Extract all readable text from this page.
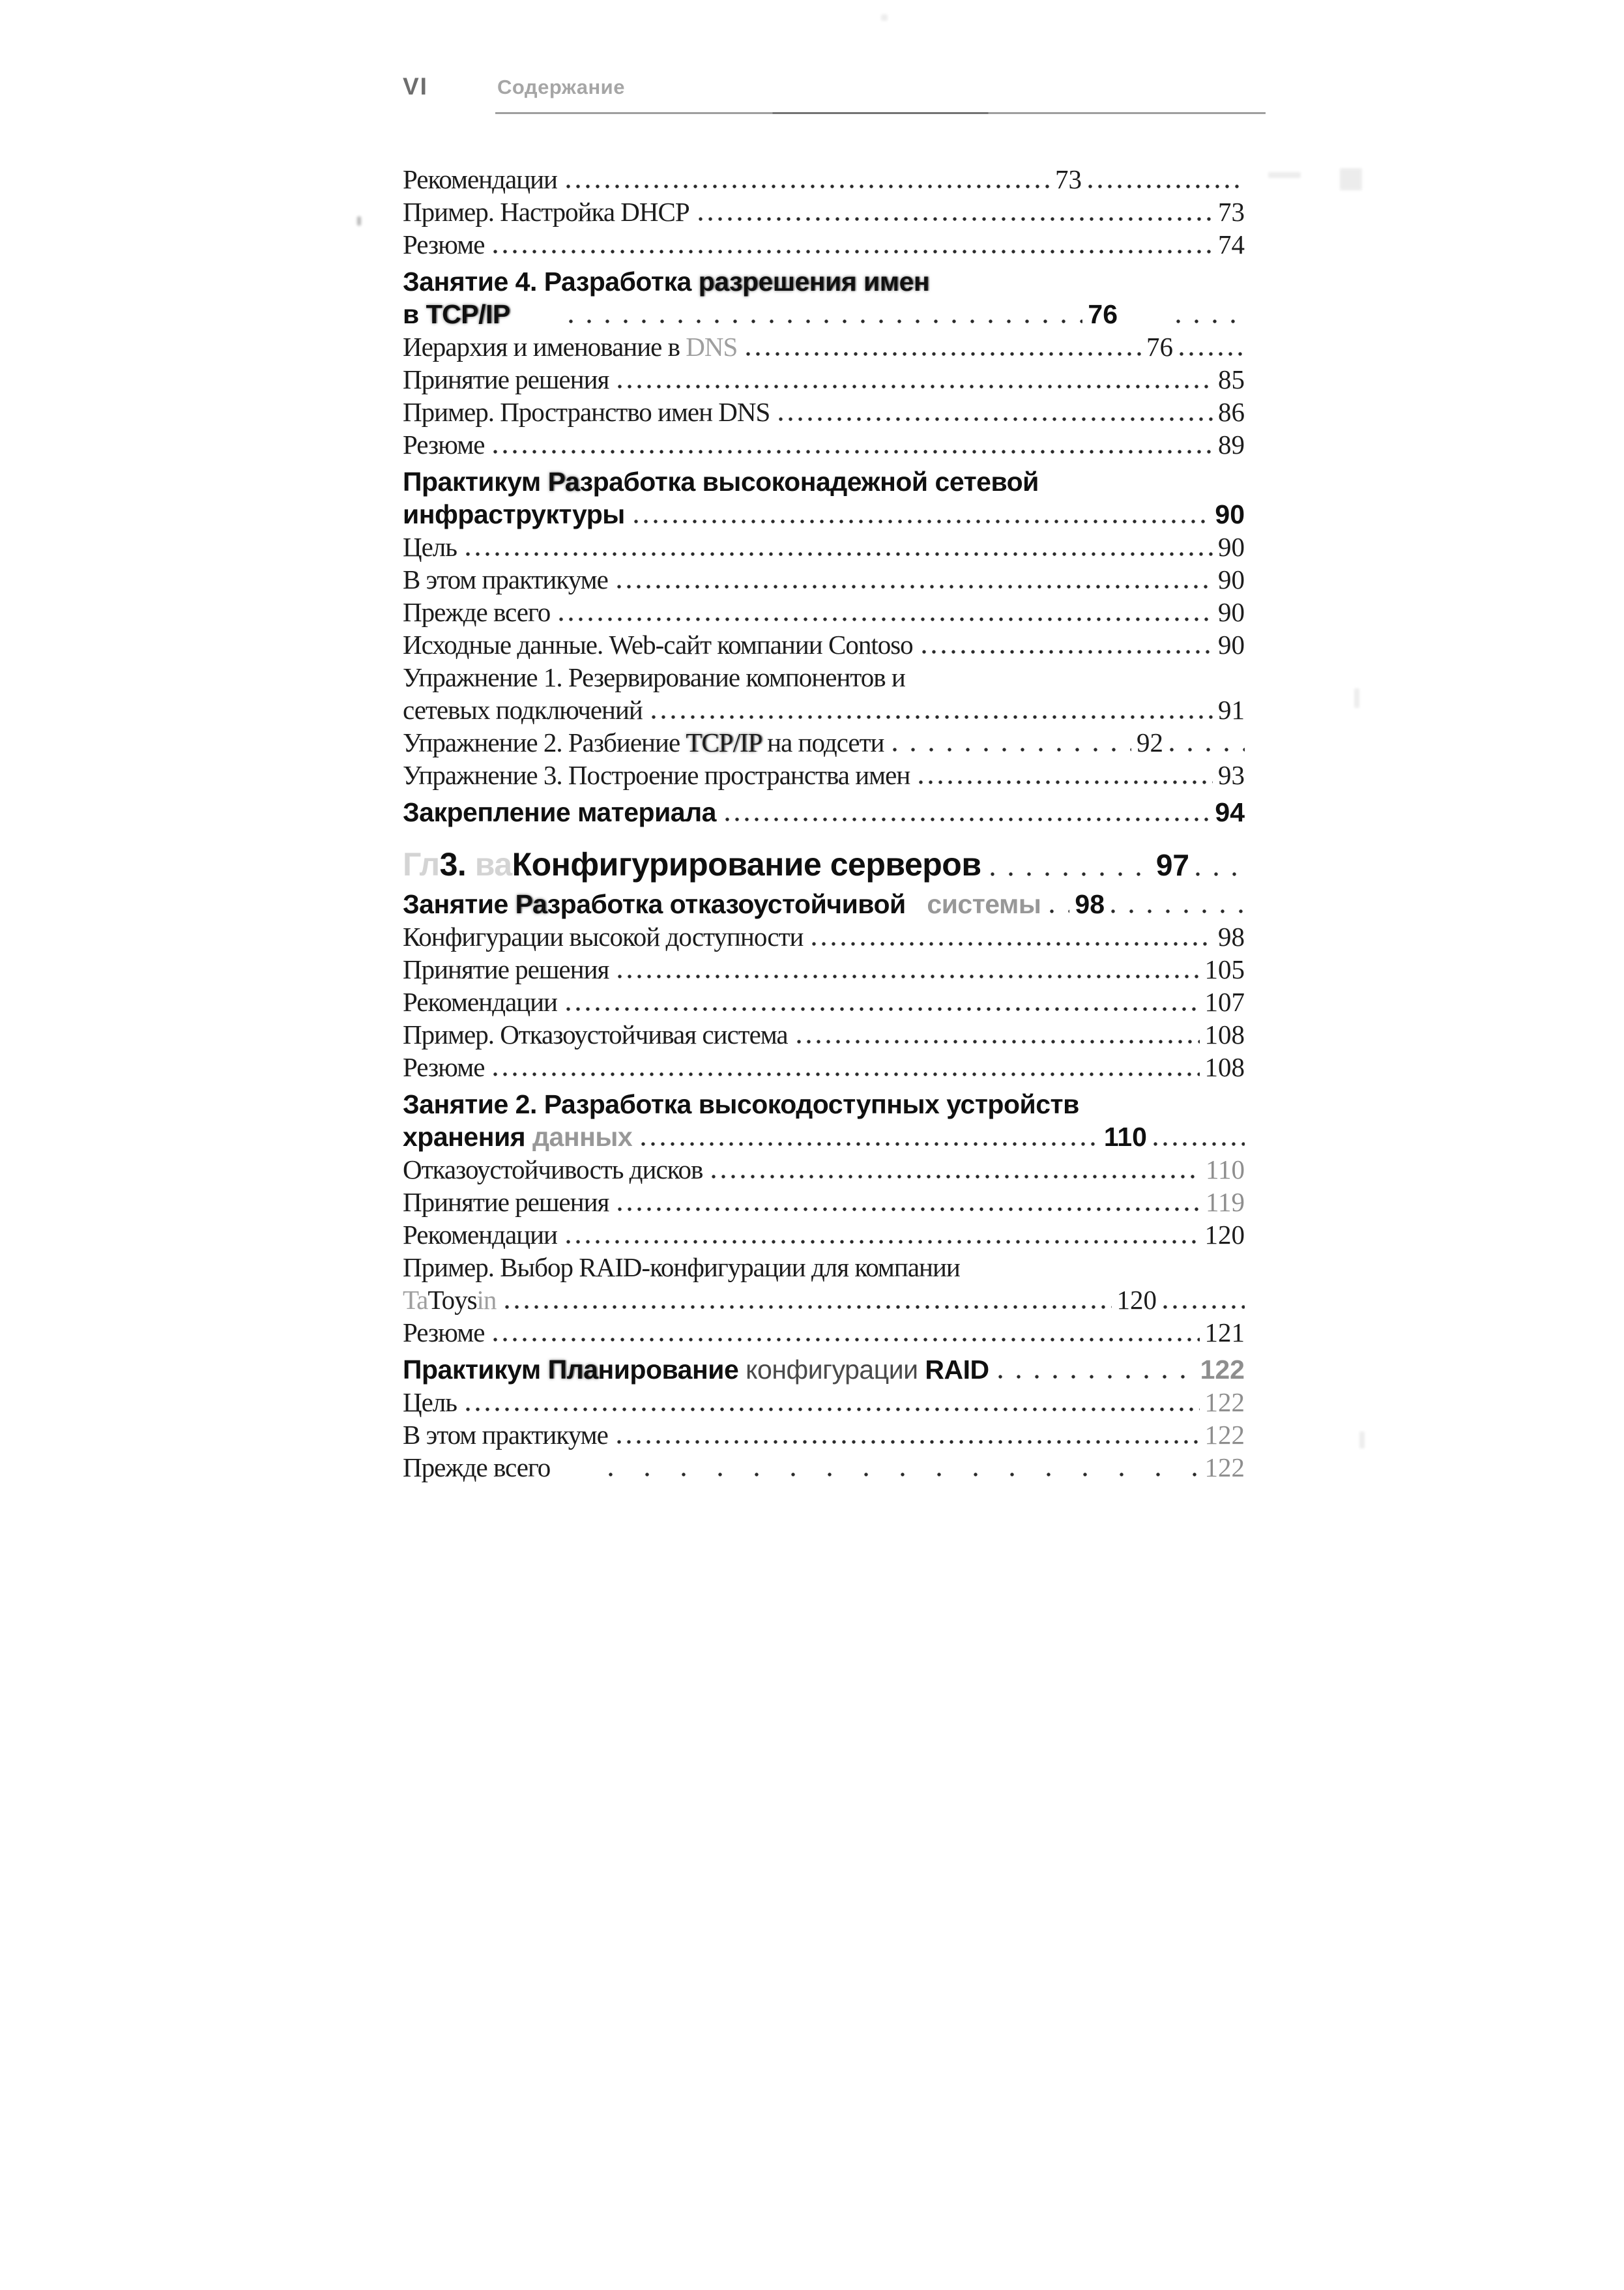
VI	Содержание
Рекомендации	73
Пример. Настройка DHCP	73
Резюме	74
Занятие 4. Разработка разрешения имен
в TCP/IP	76
Иерархия и именование в DNS	76
Принятие решения	85
Пример. Пространство имен DNS	86
Резюме	89
Практикум Разработка высоконадежной сетевой
инфраструктуры	90
Цель	90
В этом практикуме	90
Прежде всего	90
Исходные данные. Web-сайт компании Contoso	90
Упражнение 1. Резервирование компонентов и
сетевых подключений	91
Упражнение 2. Разбиение TCP/IP на подсети	92
Упражнение 3. Построение пространства имен	93
Закрепление материала	94
Гл3. ваКонфигурирование серверов	97
Занятие Разработка отказоустойчивой   системы 98
Конфигурации высокой доступности	98
Принятие решения	105
Рекомендации	107
Пример. Отказоустойчивая система	108
Резюме	108
Занятие 2. Разработка высокодоступных устройств
хранения данных	110
Отказоустойчивость дисков	110
Принятие решения	119
Рекомендации	120
Пример. Выбор RAID-конфигурации для компании
TaToysin	120
Резюме	121
Практикум Планирование конфигурации RAID	122
Цель	122
В этом практикуме	122
Прежде всего	122
